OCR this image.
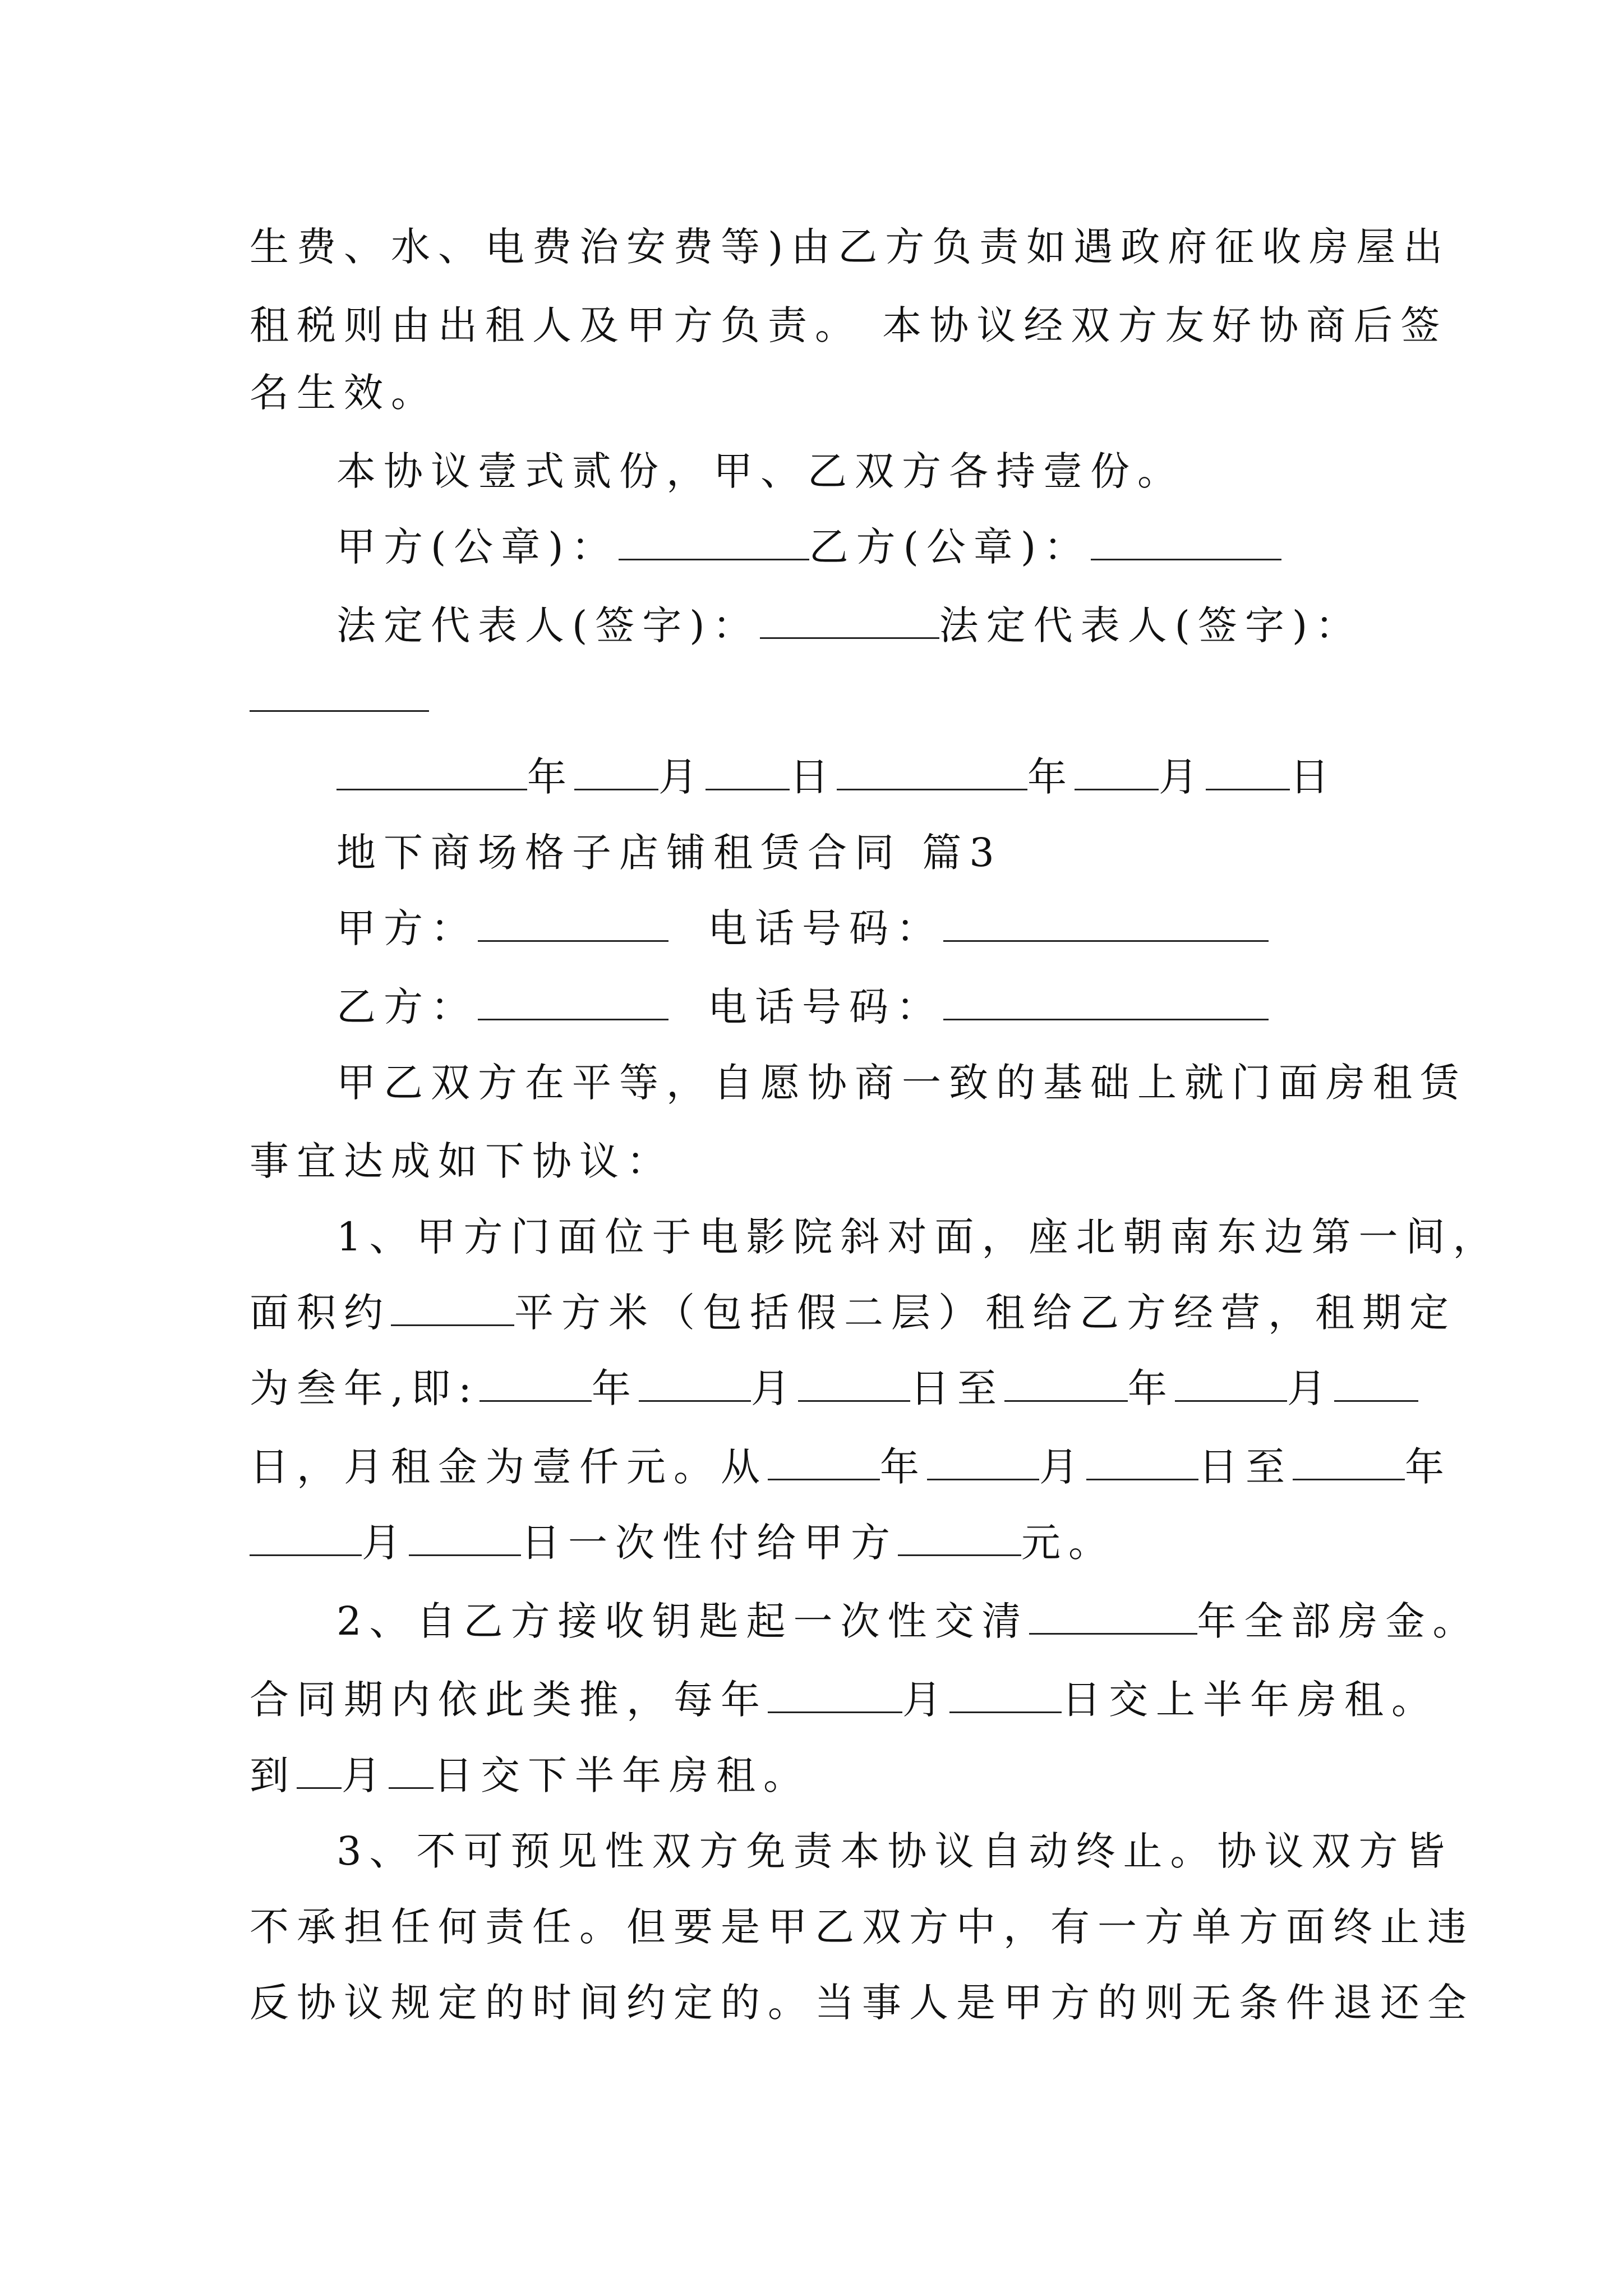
生费、水、电费治安费等)由乙方负责如遇政府征收房屋出
租税则由出租人及甲方负责。 本协议经双方友好协商后签
名生效。
本协议壹式贰份，甲、乙双方各持壹份。
甲方(公章)：	乙方(公章)：
法定代表人(签字)：	法定代表人(签字)：
年 月 日	年 月 日
地下商场格子店铺租赁合同 篇3
甲方：	电话号码：
乙方：	电话号码：
甲乙双方在平等，自愿协商一致的基础上就门面房租赁
事宜达成如下协议：
1、甲方门面位于电影院斜对面，座北朝南东边第一间，
面积约	平方米（包括假二层）租给乙方经营，租期定
为叁年,即:	年	月	日至	年	月
日，月租金为壹仟元。从	年	月	日至	年
月	日一次性付给甲方	元。
2、自乙方接收钥匙起一次性交清	年全部房金。
合同期内依此类推，每年	月	日交上半年房租。
到 月 日交下半年房租。
3、不可预见性双方免责本协议自动终止。协议双方皆
不承担任何责任。但要是甲乙双方中，有一方单方面终止违
反协议规定的时间约定的。当事人是甲方的则无条件退还全
